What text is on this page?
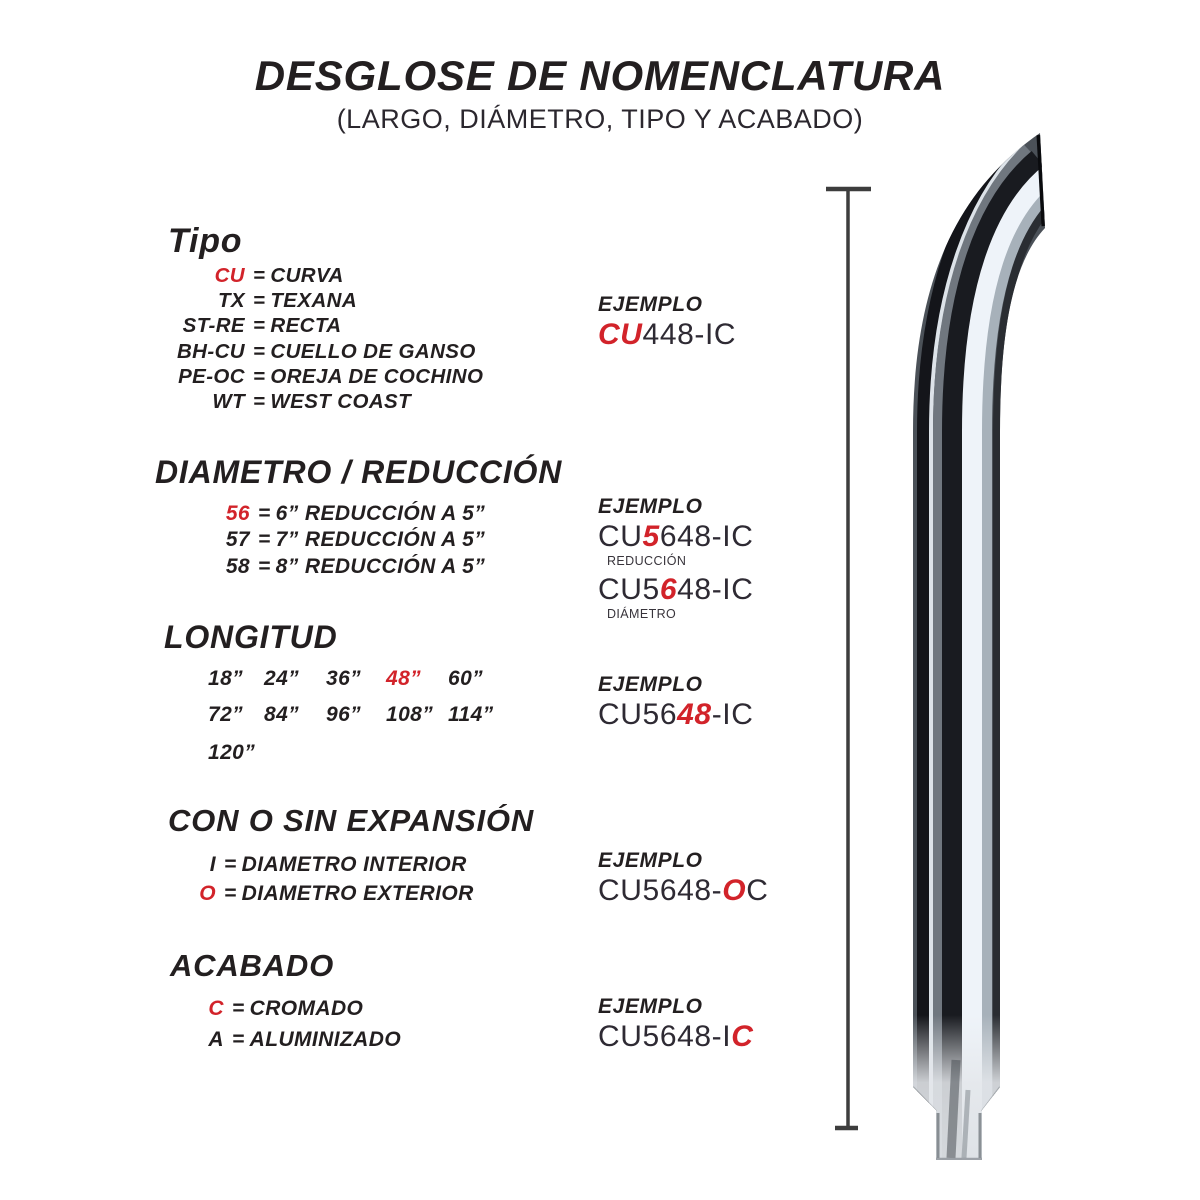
DESGLOSE DE NOMENCLATURA
(LARGO, DIÁMETRO, TIPO Y ACABADO)
Tipo
CU = CURVA
TX = TEXANA
ST-RE = RECTA
BH-CU = CUELLO DE GANSO
PE-OC = OREJA DE COCHINO
WT = WEST COAST
DIAMETRO / REDUCCIÓN
56 = 6” REDUCCIÓN A 5”
57 = 7” REDUCCIÓN A 5”
58 = 8” REDUCCIÓN A 5”
LONGITUD
18” 24”	36”	48”	60”
72” 84”	96”	108” 114”
120”
CON O SIN EXPANSIÓN
I = DIAMETRO INTERIOR
O = DIAMETRO EXTERIOR
ACABADO
C = CROMADO
A = ALUMINIZADO
EJEMPLO
CU448-IC
EJEMPLO
CU5648-IC
REDUCCIÓN
CU5648-IC
DIÁMETRO
EJEMPLO
CU5648-IC
EJEMPLO
CU5648-OC
EJEMPLO
CU5648-IC
